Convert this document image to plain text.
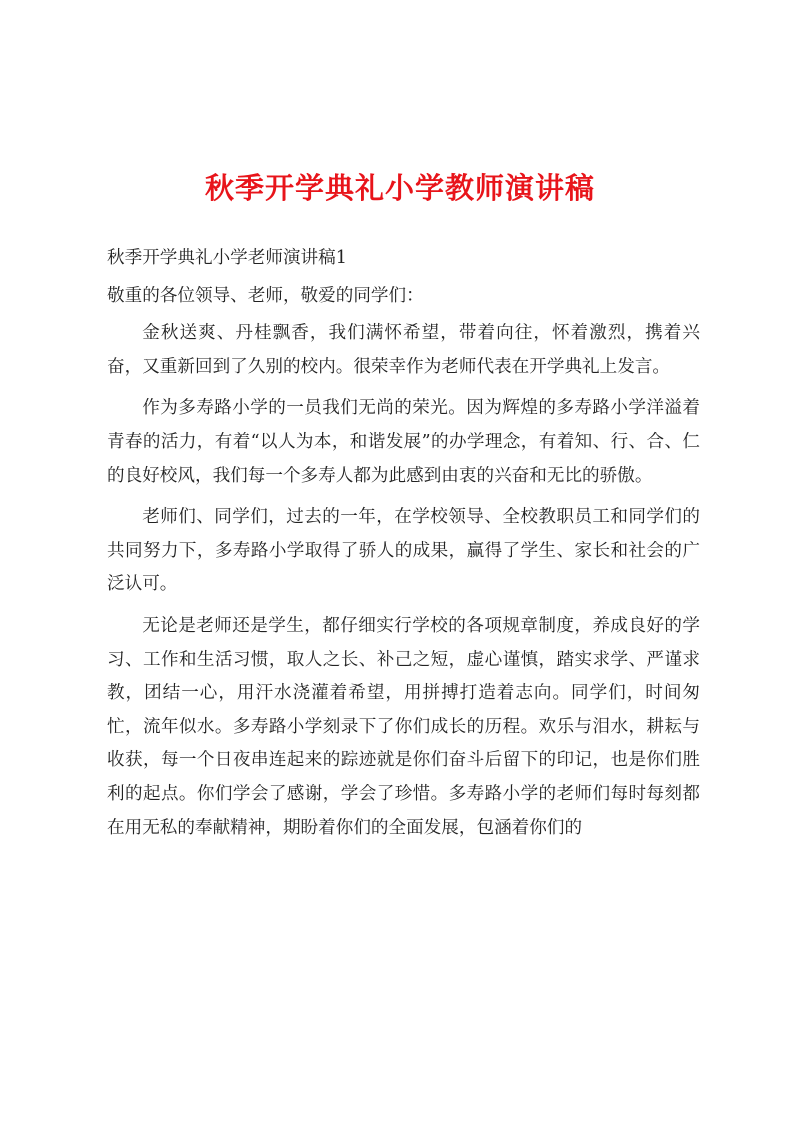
秋季开学典礼小学教师演讲稿

秋季开学典礼小学老师演讲稿1

敬重的各位领导、老师，敬爱的同学们：

金秋送爽、丹桂飘香，我们满怀希望，带着向往，怀着激烈，携着兴奋，又重新回到了久别的校内。很荣幸作为老师代表在开学典礼上发言。

作为多寿路小学的一员我们无尚的荣光。因为辉煌的多寿路小学洋溢着青春的活力，有着“以人为本，和谐发展”的办学理念，有着知、行、合、仁的良好校风，我们每一个多寿人都为此感到由衷的兴奋和无比的骄傲。

老师们、同学们，过去的一年，在学校领导、全校教职员工和同学们的共同努力下，多寿路小学取得了骄人的成果，赢得了学生、家长和社会的广泛认可。

无论是老师还是学生，都仔细实行学校的各项规章制度，养成良好的学习、工作和生活习惯，取人之长、补己之短，虚心谨慎，踏实求学、严谨求教，团结一心，用汗水浇灌着希望，用拼搏打造着志向。同学们，时间匆忙，流年似水。多寿路小学刻录下了你们成长的历程。欢乐与泪水，耕耘与收获，每一个日夜串连起来的踪迹就是你们奋斗后留下的印记，也是你们胜利的起点。你们学会了感谢，学会了珍惜。多寿路小学的老师们每时每刻都在用无私的奉献精神，期盼着你们的全面发展，包涵着你们的
